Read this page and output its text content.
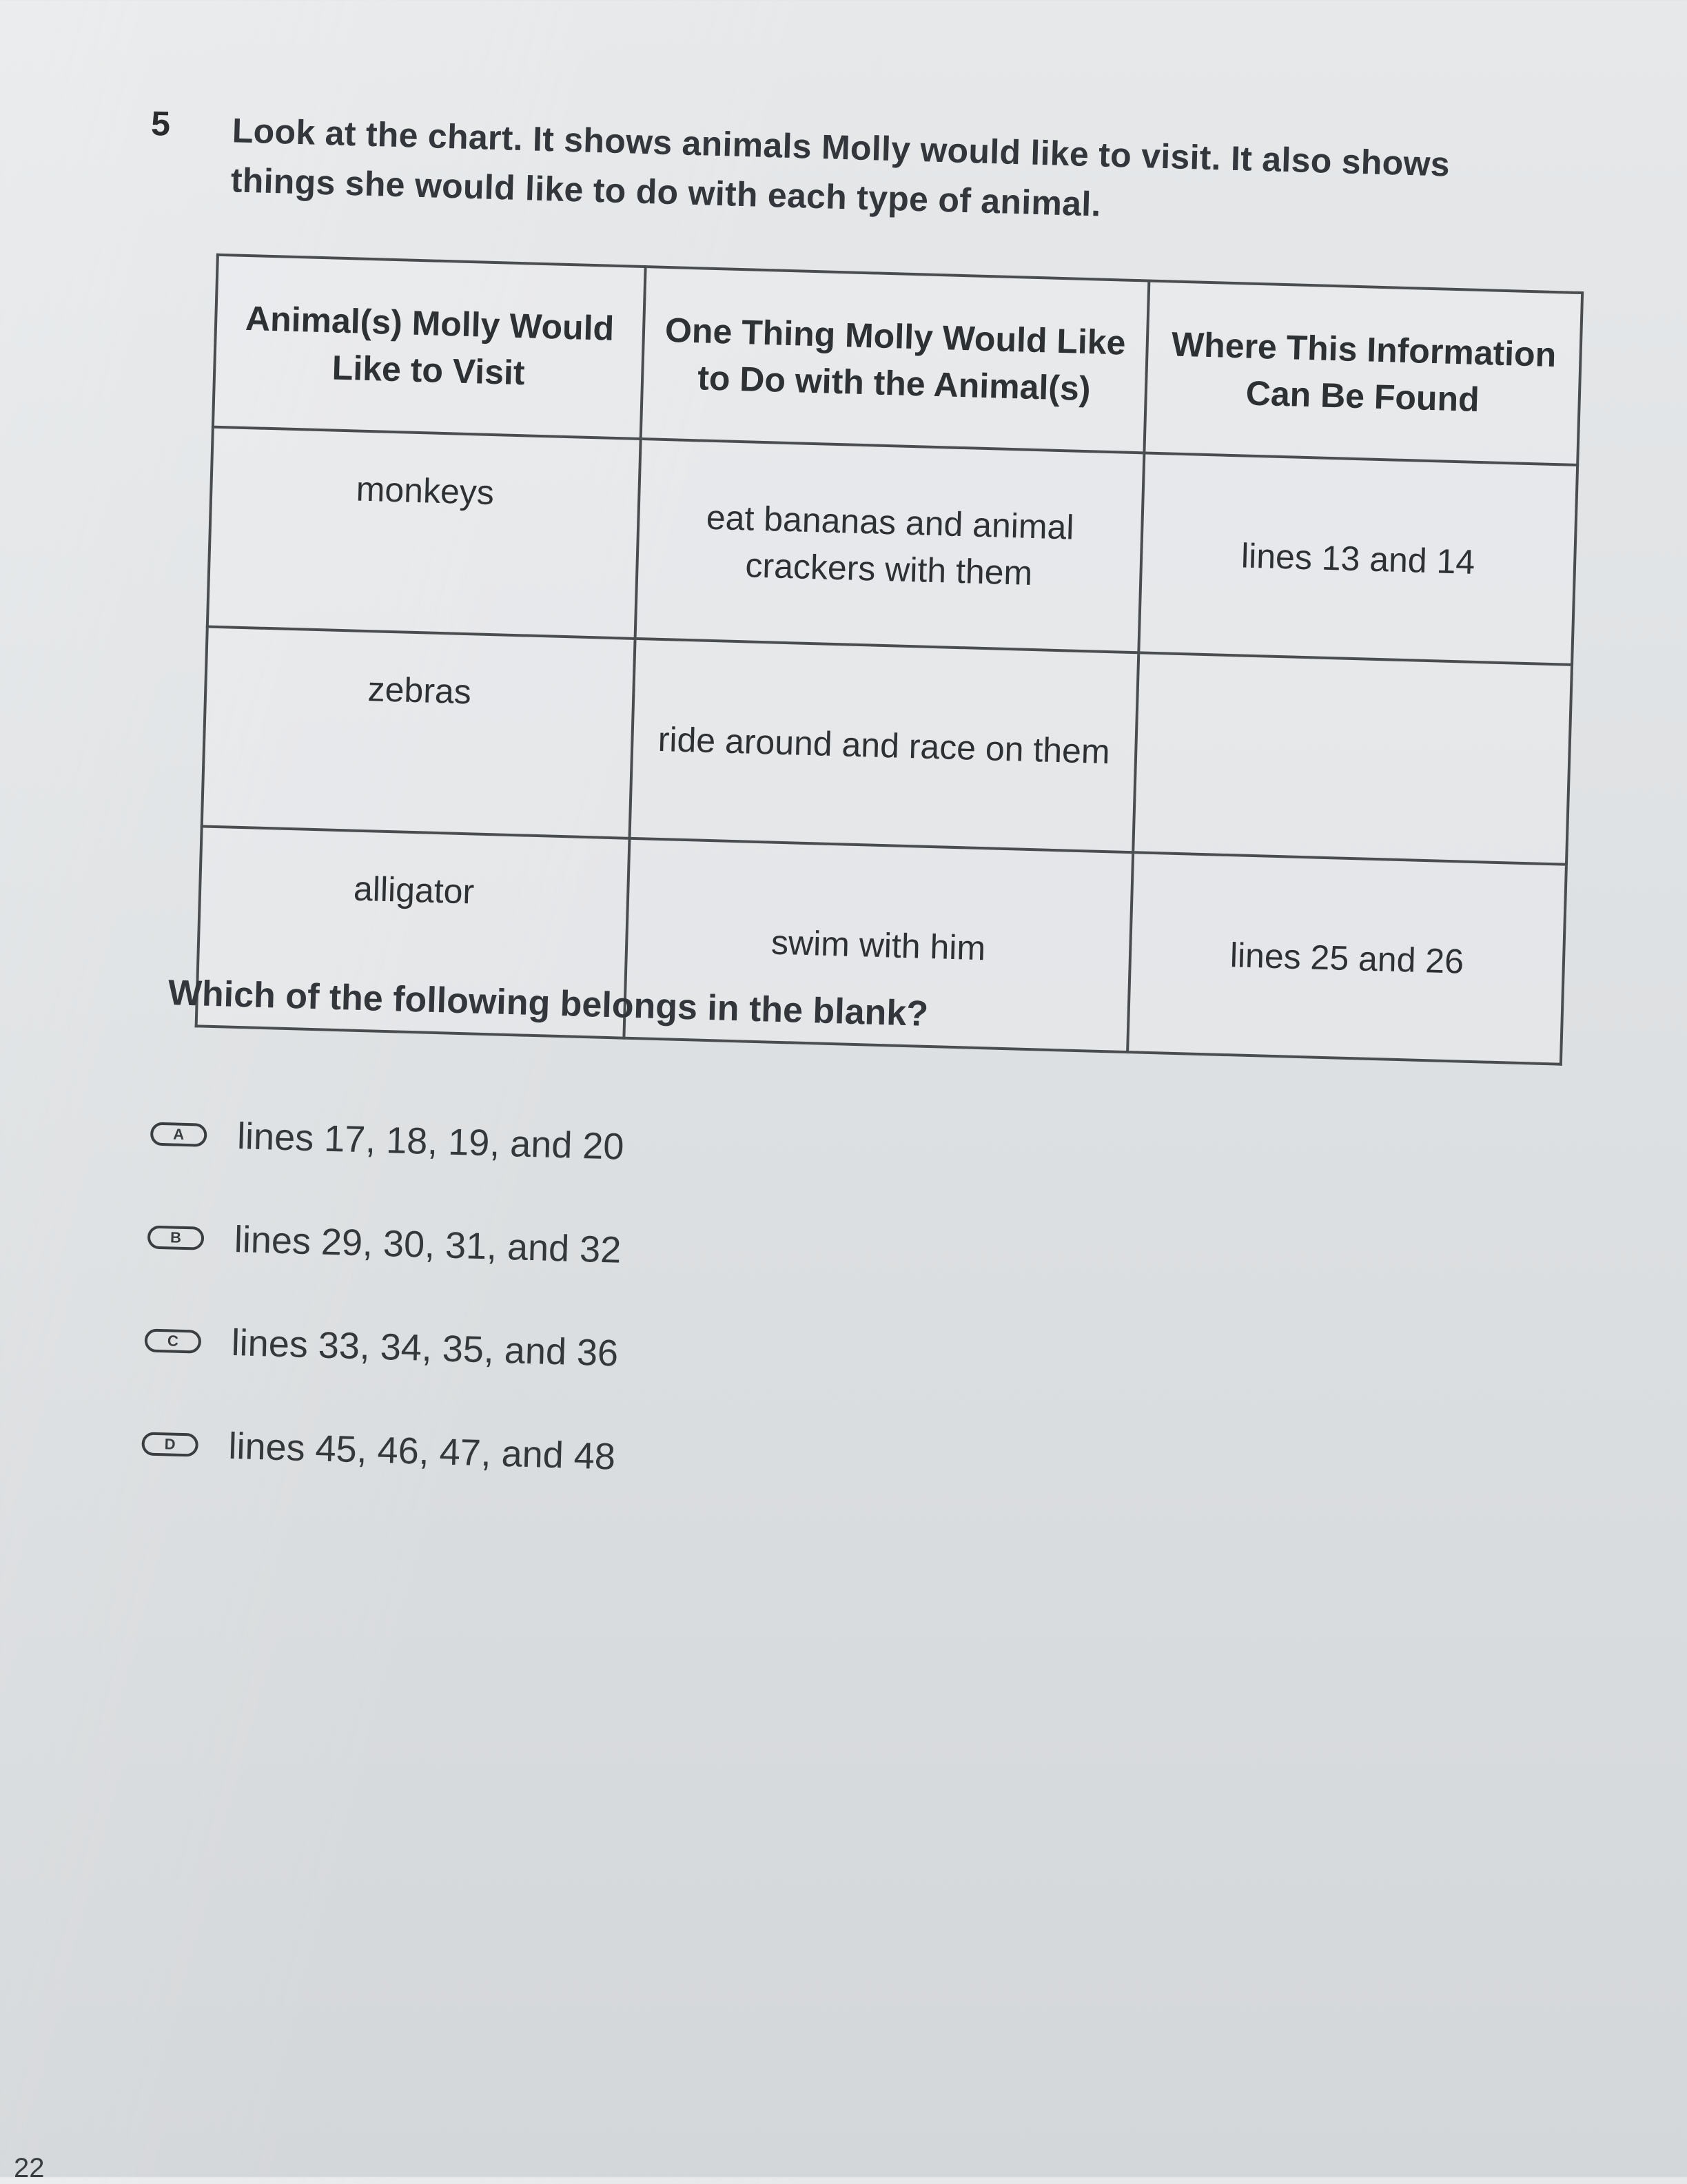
5 Look at the chart. It shows animals Molly would like to visit. It also shows things she would like to do with each type of animal.
Animal(s) Molly Would Like to Visit	One Thing Molly Would Like to Do with the Animal(s)	Where This Information Can Be Found
monkeys	eat bananas and animal crackers with them	lines 13 and 14
zebras	ride around and race on them	
alligator	swim with him	lines 25 and 26
Which of the following belongs in the blank?
A	lines 17, 18, 19, and 20
B	lines 29, 30, 31, and 32
C	lines 33, 34, 35, and 36
D	lines 45, 46, 47, and 48
22
